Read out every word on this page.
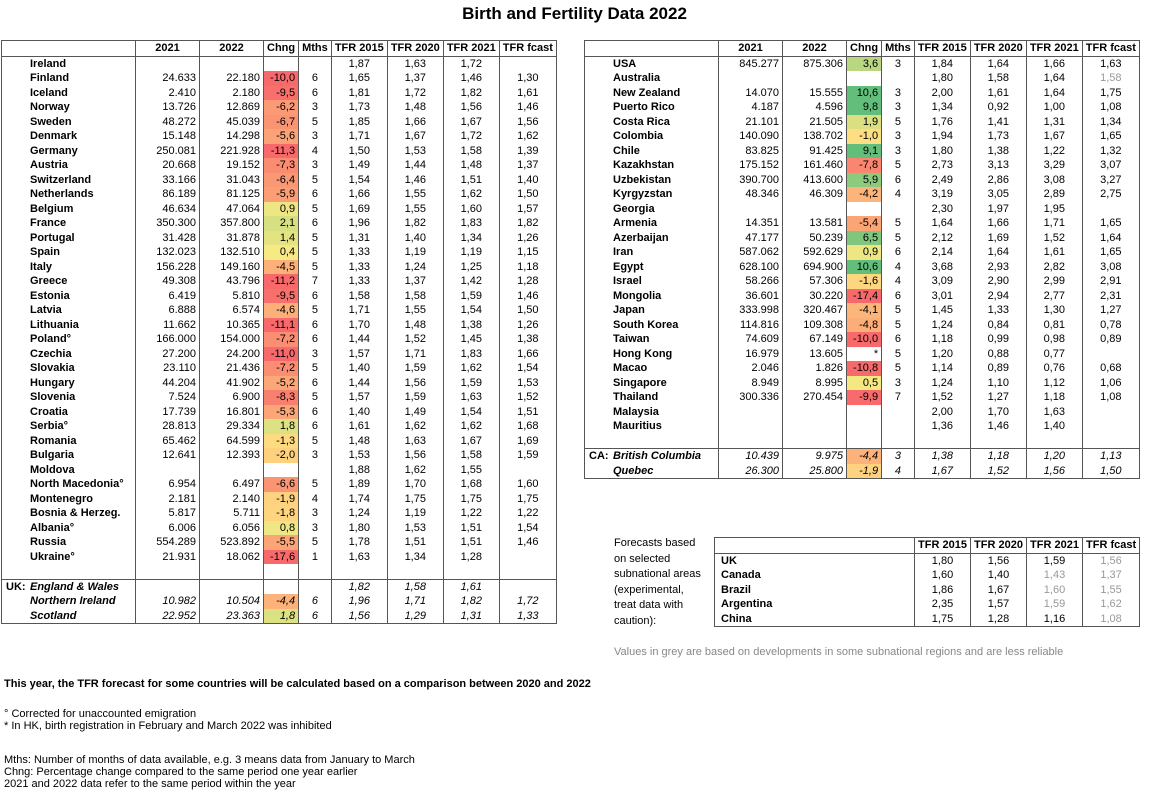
Birth and Fertility Data 2022
	2021	2022	Chng	Mths	TFR 2015	TFR 2020	TFR 2021	TFR fcast
Ireland					1,87	1,63	1,72	
Finland	24.633	22.180	-10,0	6	1,65	1,37	1,46	1,30
Iceland	2.410	2.180	-9,5	6	1,81	1,72	1,82	1,61
Norway	13.726	12.869	-6,2	3	1,73	1,48	1,56	1,46
Sweden	48.272	45.039	-6,7	5	1,85	1,66	1,67	1,56
Denmark	15.148	14.298	-5,6	3	1,71	1,67	1,72	1,62
Germany	250.081	221.928	-11,3	4	1,50	1,53	1,58	1,39
Austria	20.668	19.152	-7,3	3	1,49	1,44	1,48	1,37
Switzerland	33.166	31.043	-6,4	5	1,54	1,46	1,51	1,40
Netherlands	86.189	81.125	-5,9	6	1,66	1,55	1,62	1,50
Belgium	46.634	47.064	0,9	5	1,69	1,55	1,60	1,57
France	350.300	357.800	2,1	6	1,96	1,82	1,83	1,82
Portugal	31.428	31.878	1,4	5	1,31	1,40	1,34	1,26
Spain	132.023	132.510	0,4	5	1,33	1,19	1,19	1,15
Italy	156.228	149.160	-4,5	5	1,33	1,24	1,25	1,18
Greece	49.308	43.796	-11,2	7	1,33	1,37	1,42	1,28
Estonia	6.419	5.810	-9,5	6	1,58	1,58	1,59	1,46
Latvia	6.888	6.574	-4,6	5	1,71	1,55	1,54	1,50
Lithuania	11.662	10.365	-11,1	6	1,70	1,48	1,38	1,26
Poland°	166.000	154.000	-7,2	6	1,44	1,52	1,45	1,38
Czechia	27.200	24.200	-11,0	3	1,57	1,71	1,83	1,66
Slovakia	23.110	21.436	-7,2	5	1,40	1,59	1,62	1,54
Hungary	44.204	41.902	-5,2	6	1,44	1,56	1,59	1,53
Slovenia	7.524	6.900	-8,3	5	1,57	1,59	1,63	1,52
Croatia	17.739	16.801	-5,3	6	1,40	1,49	1,54	1,51
Serbia°	28.813	29.334	1,8	6	1,61	1,62	1,62	1,68
Romania	65.462	64.599	-1,3	5	1,48	1,63	1,67	1,69
Bulgaria	12.641	12.393	-2,0	3	1,53	1,56	1,58	1,59
Moldova					1,88	1,62	1,55	
North Macedonia°	6.954	6.497	-6,6	5	1,89	1,70	1,68	1,60
Montenegro	2.181	2.140	-1,9	4	1,74	1,75	1,75	1,75
Bosnia & Herzeg.	5.817	5.711	-1,8	3	1,24	1,19	1,22	1,22
Albania°	6.006	6.056	0,8	3	1,80	1,53	1,51	1,54
Russia	554.289	523.892	-5,5	5	1,78	1,51	1,51	1,46
Ukraine°	21.931	18.062	-17,6	1	1,63	1,34	1,28	

UK: England & Wales					1,82	1,58	1,61	
Northern Ireland	10.982	10.504	-4,4	6	1,96	1,71	1,82	1,72
Scotland	22.952	23.363	1,8	6	1,56	1,29	1,31	1,33
	2021	2022	Chng	Mths	TFR 2015	TFR 2020	TFR 2021	TFR fcast
USA	845.277	875.306	3,6	3	1,84	1,64	1,66	1,63
Australia					1,80	1,58	1,64	1,58
New Zealand	14.070	15.555	10,6	3	2,00	1,61	1,64	1,75
Puerto Rico	4.187	4.596	9,8	3	1,34	0,92	1,00	1,08
Costa Rica	21.101	21.505	1,9	5	1,76	1,41	1,31	1,34
Colombia	140.090	138.702	-1,0	3	1,94	1,73	1,67	1,65
Chile	83.825	91.425	9,1	3	1,80	1,38	1,22	1,32
Kazakhstan	175.152	161.460	-7,8	5	2,73	3,13	3,29	3,07
Uzbekistan	390.700	413.600	5,9	6	2,49	2,86	3,08	3,27
Kyrgyzstan	48.346	46.309	-4,2	4	3,19	3,05	2,89	2,75
Georgia					2,30	1,97	1,95	
Armenia	14.351	13.581	-5,4	5	1,64	1,66	1,71	1,65
Azerbaijan	47.177	50.239	6,5	5	2,12	1,69	1,52	1,64
Iran	587.062	592.629	0,9	6	2,14	1,64	1,61	1,65
Egypt	628.100	694.900	10,6	4	3,68	2,93	2,82	3,08
Israel	58.266	57.306	-1,6	4	3,09	2,90	2,99	2,91
Mongolia	36.601	30.220	-17,4	6	3,01	2,94	2,77	2,31
Japan	333.998	320.467	-4,1	5	1,45	1,33	1,30	1,27
South Korea	114.816	109.308	-4,8	5	1,24	0,84	0,81	0,78
Taiwan	74.609	67.149	-10,0	6	1,18	0,99	0,98	0,89
Hong Kong	16.979	13.605	*	5	1,20	0,88	0,77	
Macao	2.046	1.826	-10,8	5	1,14	0,89	0,76	0,68
Singapore	8.949	8.995	0,5	3	1,24	1,10	1,12	1,06
Thailand	300.336	270.454	-9,9	7	1,52	1,27	1,18	1,08
Malaysia					2,00	1,70	1,63	
Mauritius					1,36	1,46	1,40	

CA: British Columbia	10.439	9.975	-4,4	3	1,38	1,18	1,20	1,13
Quebec	26.300	25.800	-1,9	4	1,67	1,52	1,56	1,50
Forecasts based
on selected
subnational areas
(experimental,
treat data with
caution):
	TFR 2015	TFR 2020	TFR 2021	TFR fcast
UK	1,80	1,56	1,59	1,56
Canada	1,60	1,40	1,43	1,37
Brazil	1,86	1,67	1,60	1,55
Argentina	2,35	1,57	1,59	1,62
China	1,75	1,28	1,16	1,08
Values in grey are based on developments in some subnational regions and are less reliable
This year, the TFR forecast for some countries will be calculated based on a comparison between 2020 and 2022
° Corrected for unaccounted emigration
* In HK, birth registration in February and March 2022 was inhibited
Mths: Number of months of data available, e.g. 3 means data from January to March
Chng: Percentage change compared to the same period one year earlier
2021 and 2022 data refer to the same period within the year
